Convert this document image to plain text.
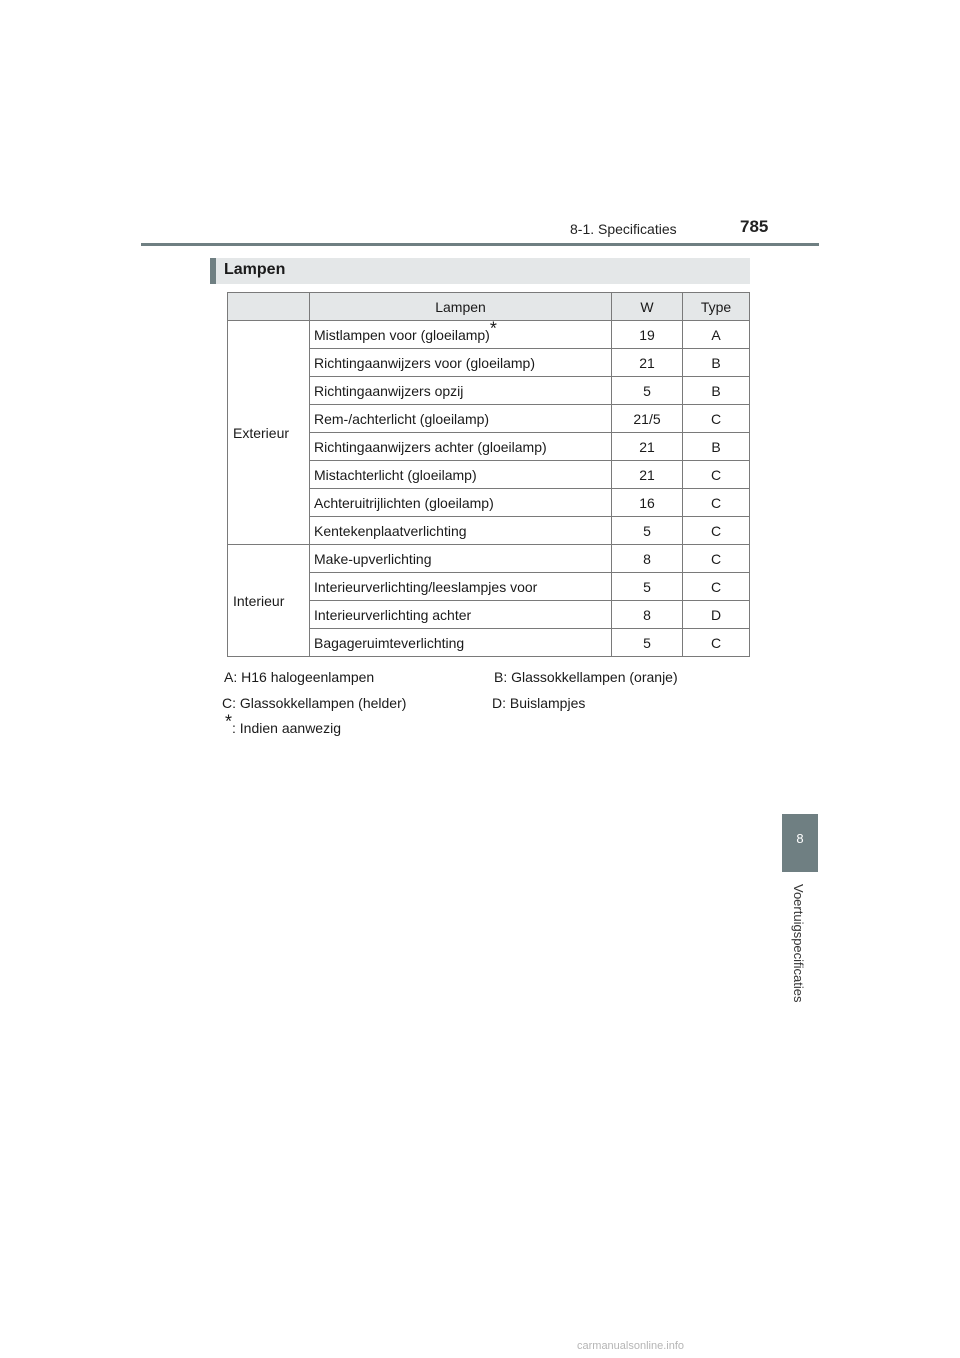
8-1. Specificaties	785
8
Voertuigspecificaties
Lampen
	Lampen	W	Type
Exterieur	Mistlampen voor (gloeilamp)*	19	A
	Richtingaanwijzers voor (gloeilamp)	21	B
	Richtingaanwijzers opzij	5	B
	Rem-/achterlicht (gloeilamp)	21/5	C
	Richtingaanwijzers achter (gloeilamp)	21	B
	Mistachterlicht (gloeilamp)	21	C
	Achteruitrijlichten (gloeilamp)	16	C
	Kentekenplaatverlichting	5	C
Interieur	Make-upverlichting	8	C
	Interieurverlichting/leeslampjes voor	5	C
	Interieurverlichting achter	8	D
	Bagageruimteverlichting	5	C
A: H16 halogeenlampen	B: Glassokkellampen (oranje)
C: Glassokkellampen (helder)	D: Buislampjes
*: Indien aanwezig
carmanualsonline.info
